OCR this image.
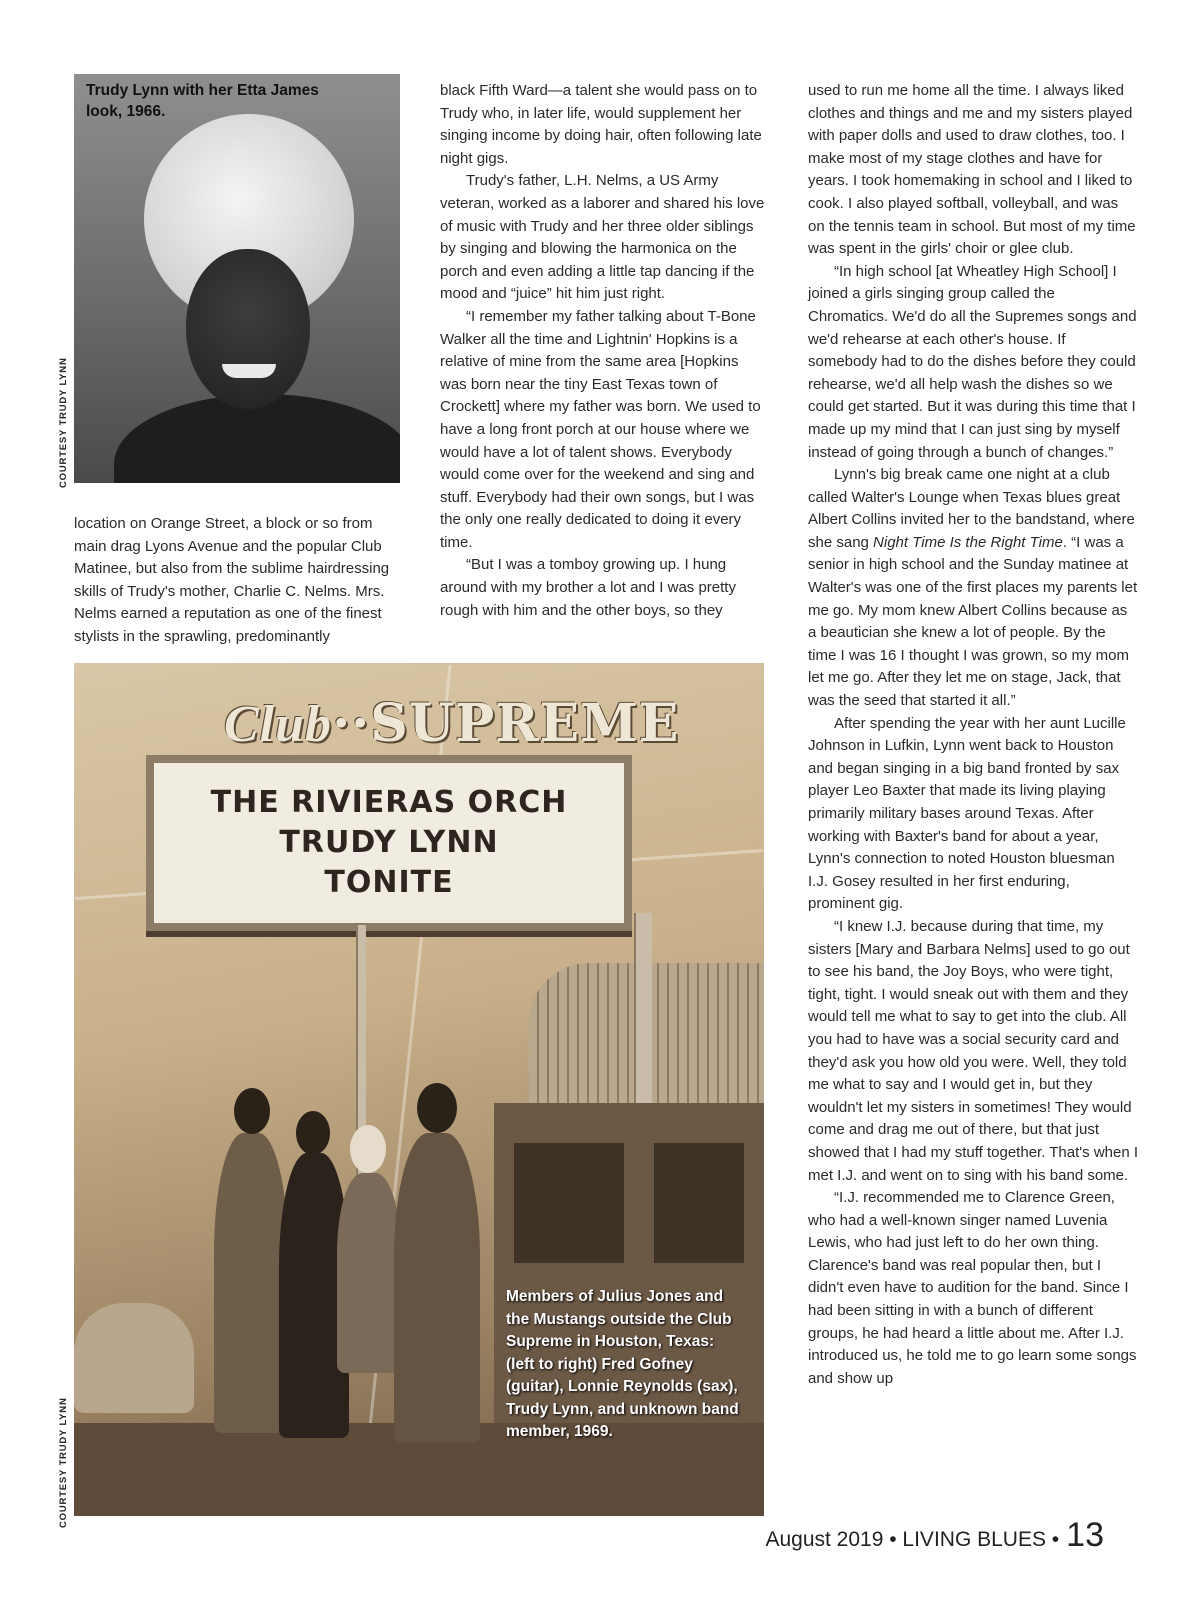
COURTESY TRUDY LYNN
COURTESY TRUDY LYNN
Trudy Lynn with her Etta James look, 1966.

location on Orange Street, a block or so from main drag Lyons Avenue and the popular Club Matinee, but also from the sublime hairdressing skills of Trudy's mother, Charlie C. Nelms. Mrs. Nelms earned a reputation as one of the finest stylists in the sprawling, predominantly

black Fifth Ward—a talent she would pass on to Trudy who, in later life, would supplement her singing income by doing hair, often following late night gigs.

Trudy's father, L.H. Nelms, a US Army veteran, worked as a laborer and shared his love of music with Trudy and her three older siblings by singing and blowing the harmonica on the porch and even adding a little tap dancing if the mood and “juice” hit him just right.

“I remember my father talking about T-Bone Walker all the time and Lightnin' Hopkins is a relative of mine from the same area [Hopkins was born near the tiny East Texas town of Crockett] where my father was born. We used to have a long front porch at our house where we would have a lot of talent shows. Everybody would come over for the weekend and sing and stuff. Everybody had their own songs, but I was the only one really dedicated to doing it every time.

“But I was a tomboy growing up. I hung around with my brother a lot and I was pretty rough with him and the other boys, so they

Club··SUPREME
THE RIVIERAS ORCH
TRUDY LYNN
TONITE
Members of Julius Jones and the Mustangs outside the Club Supreme in Houston, Texas: (left to right) Fred Gofney (guitar), Lonnie Reynolds (sax), Trudy Lynn, and unknown band member, 1969.

used to run me home all the time. I always liked clothes and things and me and my sisters played with paper dolls and used to draw clothes, too. I make most of my stage clothes and have for years. I took homemaking in school and I liked to cook. I also played softball, volleyball, and was on the tennis team in school. But most of my time was spent in the girls' choir or glee club.

“In high school [at Wheatley High School] I joined a girls singing group called the Chromatics. We'd do all the Supremes songs and we'd rehearse at each other's house. If somebody had to do the dishes before they could rehearse, we'd all help wash the dishes so we could get started. But it was during this time that I made up my mind that I can just sing by myself instead of going through a bunch of changes.”

Lynn's big break came one night at a club called Walter's Lounge when Texas blues great Albert Collins invited her to the bandstand, where she sang Night Time Is the Right Time. “I was a senior in high school and the Sunday matinee at Walter's was one of the first places my parents let me go. My mom knew Albert Collins because as a beautician she knew a lot of people. By the time I was 16 I thought I was grown, so my mom let me go. After they let me on stage, Jack, that was the seed that started it all.”

After spending the year with her aunt Lucille Johnson in Lufkin, Lynn went back to Houston and began singing in a big band fronted by sax player Leo Baxter that made its living playing primarily military bases around Texas. After working with Baxter's band for about a year, Lynn's connection to noted Houston bluesman I.J. Gosey resulted in her first enduring, prominent gig.

“I knew I.J. because during that time, my sisters [Mary and Barbara Nelms] used to go out to see his band, the Joy Boys, who were tight, tight, tight. I would sneak out with them and they would tell me what to say to get into the club. All you had to have was a social security card and they'd ask you how old you were. Well, they told me what to say and I would get in, but they wouldn't let my sisters in sometimes! They would come and drag me out of there, but that just showed that I had my stuff together. That's when I met I.J. and went on to sing with his band some.

“I.J. recommended me to Clarence Green, who had a well-known singer named Luvenia Lewis, who had just left to do her own thing. Clarence's band was real popular then, but I didn't even have to audition for the band. Since I had been sitting in with a bunch of different groups, he had heard a little about me. After I.J. introduced us, he told me to go learn some songs and show up

August 2019 • LIVING BLUES • 13
